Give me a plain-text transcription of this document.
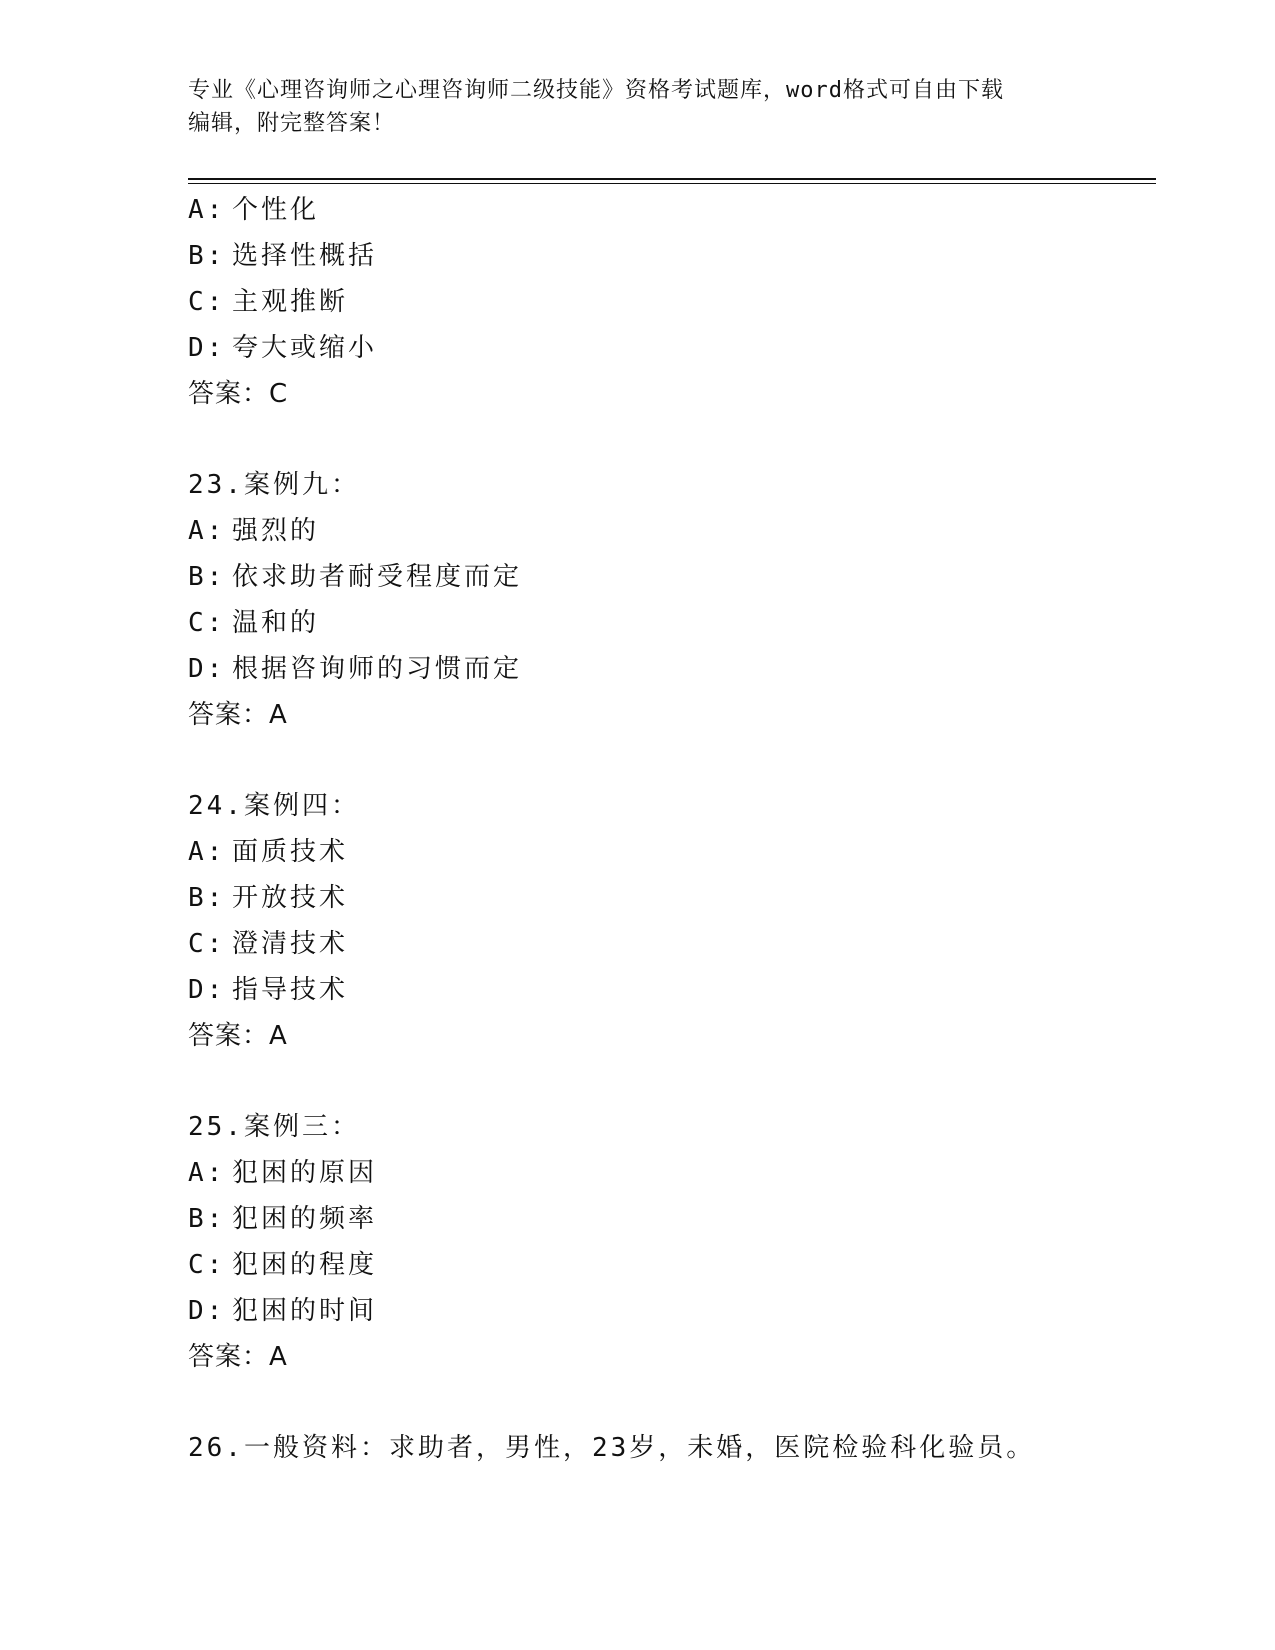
专业《心理咨询师之心理咨询师二级技能》资格考试题库，word格式可自由下载
编辑，附完整答案！
A: 个性化
B: 选择性概括
C: 主观推断
D: 夸大或缩小
答案：C
23.案例九：
A: 强烈的
B: 依求助者耐受程度而定
C: 温和的
D: 根据咨询师的习惯而定
答案：A
24.案例四：
A: 面质技术
B: 开放技术
C: 澄清技术
D: 指导技术
答案：A
25.案例三：
A: 犯困的原因
B: 犯困的频率
C: 犯困的程度
D: 犯困的时间
答案：A
26.一般资料：求助者，男性，23岁，未婚，医院检验科化验员。
